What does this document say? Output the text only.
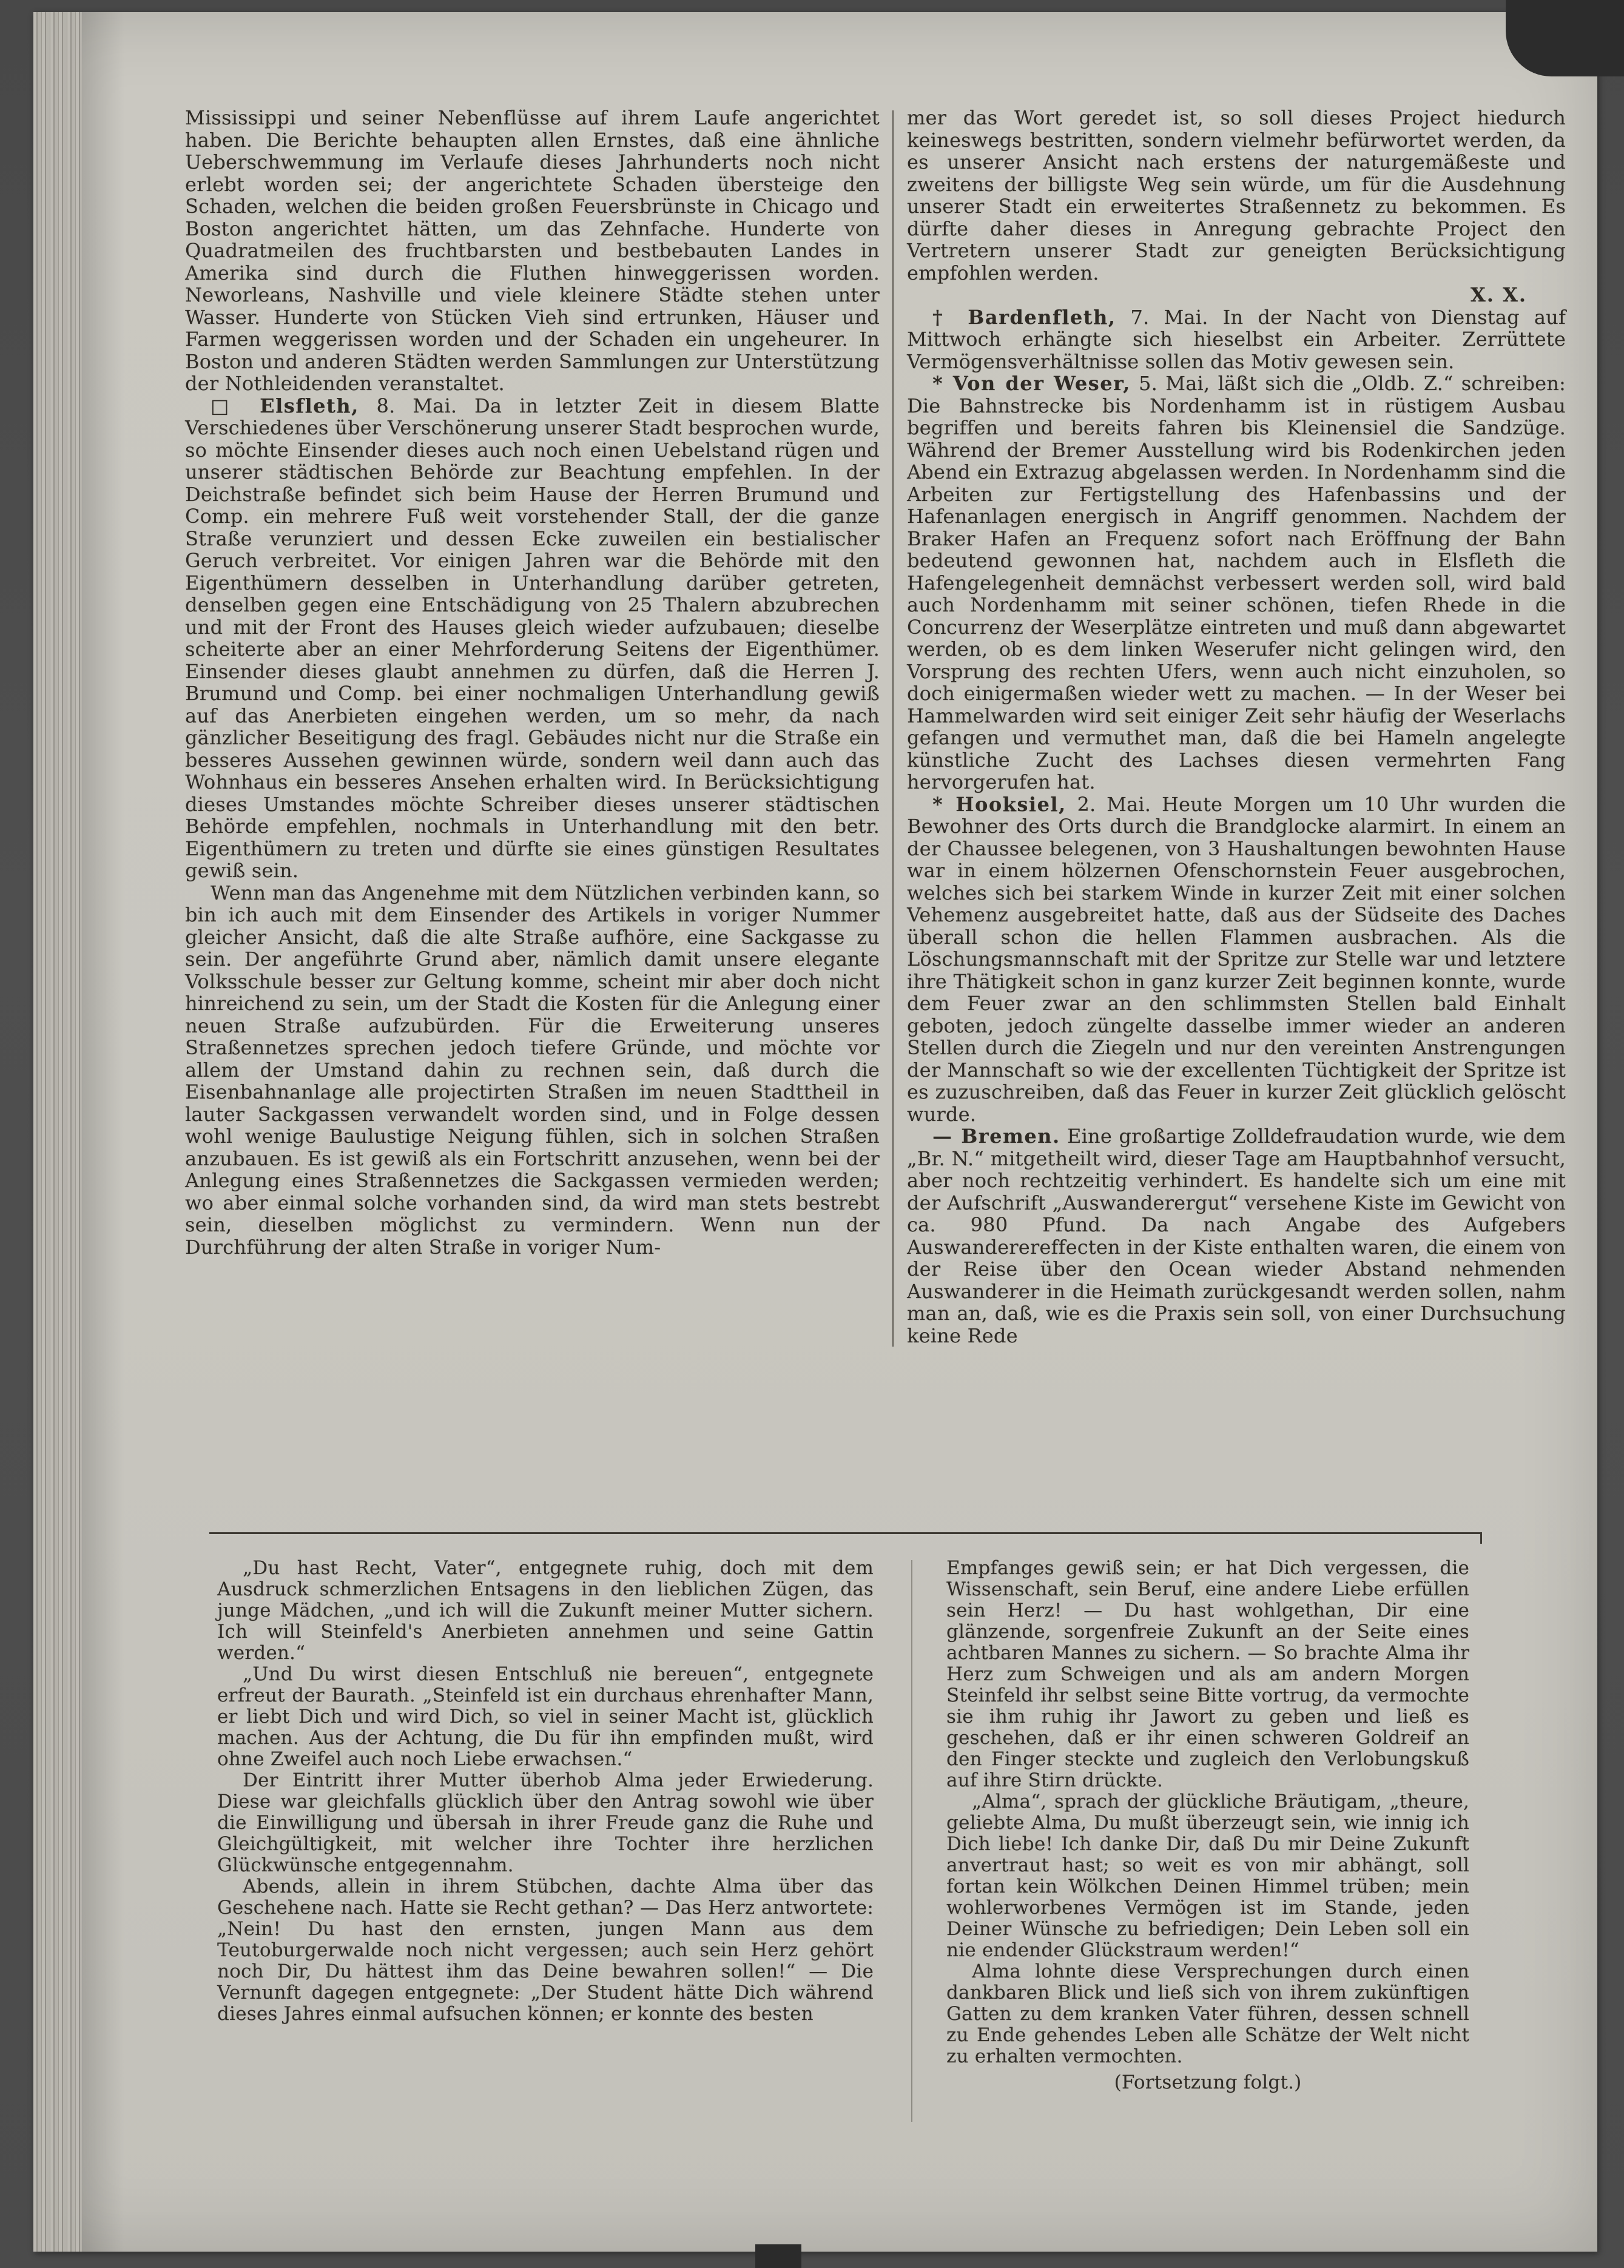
Mississippi und seiner Nebenflüsse auf ihrem Laufe angerichtet haben. Die Berichte behaupten allen Ernstes, daß eine ähnliche Ueberschwemmung im Verlaufe dieses Jahrhunderts noch nicht erlebt worden sei; der angerichtete Schaden übersteige den Schaden, welchen die beiden großen Feuersbrünste in Chicago und Boston angerichtet hätten, um das Zehnfache. Hunderte von Quadratmeilen des fruchtbarsten und bestbebauten Landes in Amerika sind durch die Fluthen hinweggerissen worden. Neworleans, Nashville und viele kleinere Städte stehen unter Wasser. Hunderte von Stücken Vieh sind ertrunken, Häuser und Farmen weggerissen worden und der Schaden ein ungeheurer. In Boston und anderen Städten werden Sammlungen zur Unterstützung der Nothleidenden veranstaltet.

□ Elsfleth, 8. Mai. Da in letzter Zeit in diesem Blatte Verschiedenes über Verschönerung unserer Stadt besprochen wurde, so möchte Einsender dieses auch noch einen Uebelstand rügen und unserer städtischen Behörde zur Beachtung empfehlen. In der Deichstraße befindet sich beim Hause der Herren Brumund und Comp. ein mehrere Fuß weit vorstehender Stall, der die ganze Straße verunziert und dessen Ecke zuweilen ein bestialischer Geruch verbreitet. Vor einigen Jahren war die Behörde mit den Eigenthümern desselben in Unterhandlung darüber getreten, denselben gegen eine Entschädigung von 25 Thalern abzubrechen und mit der Front des Hauses gleich wieder aufzubauen; dieselbe scheiterte aber an einer Mehrforderung Seitens der Eigenthümer. Einsender dieses glaubt annehmen zu dürfen, daß die Herren J. Brumund und Comp. bei einer nochmaligen Unterhandlung gewiß auf das Anerbieten eingehen werden, um so mehr, da nach gänzlicher Beseitigung des fragl. Gebäudes nicht nur die Straße ein besseres Aussehen gewinnen würde, sondern weil dann auch das Wohnhaus ein besseres Ansehen erhalten wird. In Berücksichtigung dieses Umstandes möchte Schreiber dieses unserer städtischen Behörde empfehlen, nochmals in Unterhandlung mit den betr. Eigenthümern zu treten und dürfte sie eines günstigen Resultates gewiß sein.

Wenn man das Angenehme mit dem Nützlichen verbinden kann, so bin ich auch mit dem Einsender des Artikels in voriger Nummer gleicher Ansicht, daß die alte Straße aufhöre, eine Sackgasse zu sein. Der angeführte Grund aber, nämlich damit unsere elegante Volksschule besser zur Geltung komme, scheint mir aber doch nicht hinreichend zu sein, um der Stadt die Kosten für die Anlegung einer neuen Straße aufzubürden. Für die Erweiterung unseres Straßennetzes sprechen jedoch tiefere Gründe, und möchte vor allem der Umstand dahin zu rechnen sein, daß durch die Eisenbahnanlage alle projectirten Straßen im neuen Stadttheil in lauter Sackgassen verwandelt worden sind, und in Folge dessen wohl wenige Baulustige Neigung fühlen, sich in solchen Straßen anzubauen. Es ist gewiß als ein Fortschritt anzusehen, wenn bei der Anlegung eines Straßennetzes die Sackgassen vermieden werden; wo aber einmal solche vorhanden sind, da wird man stets bestrebt sein, dieselben möglichst zu vermindern. Wenn nun der Durchführung der alten Straße in voriger Num-

mer das Wort geredet ist, so soll dieses Project hiedurch keineswegs bestritten, sondern vielmehr befürwortet werden, da es unserer Ansicht nach erstens der naturgemäßeste und zweitens der billigste Weg sein würde, um für die Ausdehnung unserer Stadt ein erweitertes Straßennetz zu bekommen. Es dürfte daher dieses in Anregung gebrachte Project den Vertretern unserer Stadt zur geneigten Berücksichtigung empfohlen werden.

X. X.

† Bardenfleth, 7. Mai. In der Nacht von Dienstag auf Mittwoch erhängte sich hieselbst ein Arbeiter. Zerrüttete Vermögensverhältnisse sollen das Motiv gewesen sein.

* Von der Weser, 5. Mai, läßt sich die „Oldb. Z.“ schreiben: Die Bahnstrecke bis Nordenhamm ist in rüstigem Ausbau begriffen und bereits fahren bis Kleinensiel die Sandzüge. Während der Bremer Ausstellung wird bis Rodenkirchen jeden Abend ein Extrazug abgelassen werden. In Nordenhamm sind die Arbeiten zur Fertigstellung des Hafenbassins und der Hafenanlagen energisch in Angriff genommen. Nachdem der Braker Hafen an Frequenz sofort nach Eröffnung der Bahn bedeutend gewonnen hat, nachdem auch in Elsfleth die Hafengelegenheit demnächst verbessert werden soll, wird bald auch Nordenhamm mit seiner schönen, tiefen Rhede in die Concurrenz der Weserplätze eintreten und muß dann abgewartet werden, ob es dem linken Weserufer nicht gelingen wird, den Vorsprung des rechten Ufers, wenn auch nicht einzuholen, so doch einigermaßen wieder wett zu machen. — In der Weser bei Hammelwarden wird seit einiger Zeit sehr häufig der Weserlachs gefangen und vermuthet man, daß die bei Hameln angelegte künstliche Zucht des Lachses diesen vermehrten Fang hervorgerufen hat.

* Hooksiel, 2. Mai. Heute Morgen um 10 Uhr wurden die Bewohner des Orts durch die Brandglocke alarmirt. In einem an der Chaussee belegenen, von 3 Haushaltungen bewohnten Hause war in einem hölzernen Ofenschornstein Feuer ausgebrochen, welches sich bei starkem Winde in kurzer Zeit mit einer solchen Vehemenz ausgebreitet hatte, daß aus der Südseite des Daches überall schon die hellen Flammen ausbrachen. Als die Löschungsmannschaft mit der Spritze zur Stelle war und letztere ihre Thätigkeit schon in ganz kurzer Zeit beginnen konnte, wurde dem Feuer zwar an den schlimmsten Stellen bald Einhalt geboten, jedoch züngelte dasselbe immer wieder an anderen Stellen durch die Ziegeln und nur den vereinten Anstrengungen der Mannschaft so wie der excellenten Tüchtigkeit der Spritze ist es zuzuschreiben, daß das Feuer in kurzer Zeit glücklich gelöscht wurde.

— Bremen. Eine großartige Zolldefraudation wurde, wie dem „Br. N.“ mitgetheilt wird, dieser Tage am Hauptbahnhof versucht, aber noch rechtzeitig verhindert. Es handelte sich um eine mit der Aufschrift „Auswanderergut“ versehene Kiste im Gewicht von ca. 980 Pfund. Da nach Angabe des Aufgebers Auswanderereffecten in der Kiste enthalten waren, die einem von der Reise über den Ocean wieder Abstand nehmenden Auswanderer in die Heimath zurückgesandt werden sollen, nahm man an, daß, wie es die Praxis sein soll, von einer Durchsuchung keine Rede

„Du hast Recht, Vater“, entgegnete ruhig, doch mit dem Ausdruck schmerzlichen Entsagens in den lieblichen Zügen, das junge Mädchen, „und ich will die Zukunft meiner Mutter sichern. Ich will Steinfeld's Anerbieten annehmen und seine Gattin werden.“

„Und Du wirst diesen Entschluß nie bereuen“, entgegnete erfreut der Baurath. „Steinfeld ist ein durchaus ehrenhafter Mann, er liebt Dich und wird Dich, so viel in seiner Macht ist, glücklich machen. Aus der Achtung, die Du für ihn empfinden mußt, wird ohne Zweifel auch noch Liebe erwachsen.“

Der Eintritt ihrer Mutter überhob Alma jeder Erwiederung. Diese war gleichfalls glücklich über den Antrag sowohl wie über die Einwilligung und übersah in ihrer Freude ganz die Ruhe und Gleichgültigkeit, mit welcher ihre Tochter ihre herzlichen Glückwünsche entgegennahm.

Abends, allein in ihrem Stübchen, dachte Alma über das Geschehene nach. Hatte sie Recht gethan? — Das Herz antwortete: „Nein! Du hast den ernsten, jungen Mann aus dem Teutoburgerwalde noch nicht vergessen; auch sein Herz gehört noch Dir, Du hättest ihm das Deine bewahren sollen!“ — Die Vernunft dagegen entgegnete: „Der Student hätte Dich während dieses Jahres einmal aufsuchen können; er konnte des besten

Empfanges gewiß sein; er hat Dich vergessen, die Wissenschaft, sein Beruf, eine andere Liebe erfüllen sein Herz! — Du hast wohlgethan, Dir eine glänzende, sorgenfreie Zukunft an der Seite eines achtbaren Mannes zu sichern. — So brachte Alma ihr Herz zum Schweigen und als am andern Morgen Steinfeld ihr selbst seine Bitte vortrug, da vermochte sie ihm ruhig ihr Jawort zu geben und ließ es geschehen, daß er ihr einen schweren Goldreif an den Finger steckte und zugleich den Verlobungskuß auf ihre Stirn drückte.

„Alma“, sprach der glückliche Bräutigam, „theure, geliebte Alma, Du mußt überzeugt sein, wie innig ich Dich liebe! Ich danke Dir, daß Du mir Deine Zukunft anvertraut hast; so weit es von mir abhängt, soll fortan kein Wölkchen Deinen Himmel trüben; mein wohlerworbenes Vermögen ist im Stande, jeden Deiner Wünsche zu befriedigen; Dein Leben soll ein nie endender Glückstraum werden!“

Alma lohnte diese Versprechungen durch einen dankbaren Blick und ließ sich von ihrem zukünftigen Gatten zu dem kranken Vater führen, dessen schnell zu Ende gehendes Leben alle Schätze der Welt nicht zu erhalten vermochten.

(Fortsetzung folgt.)
